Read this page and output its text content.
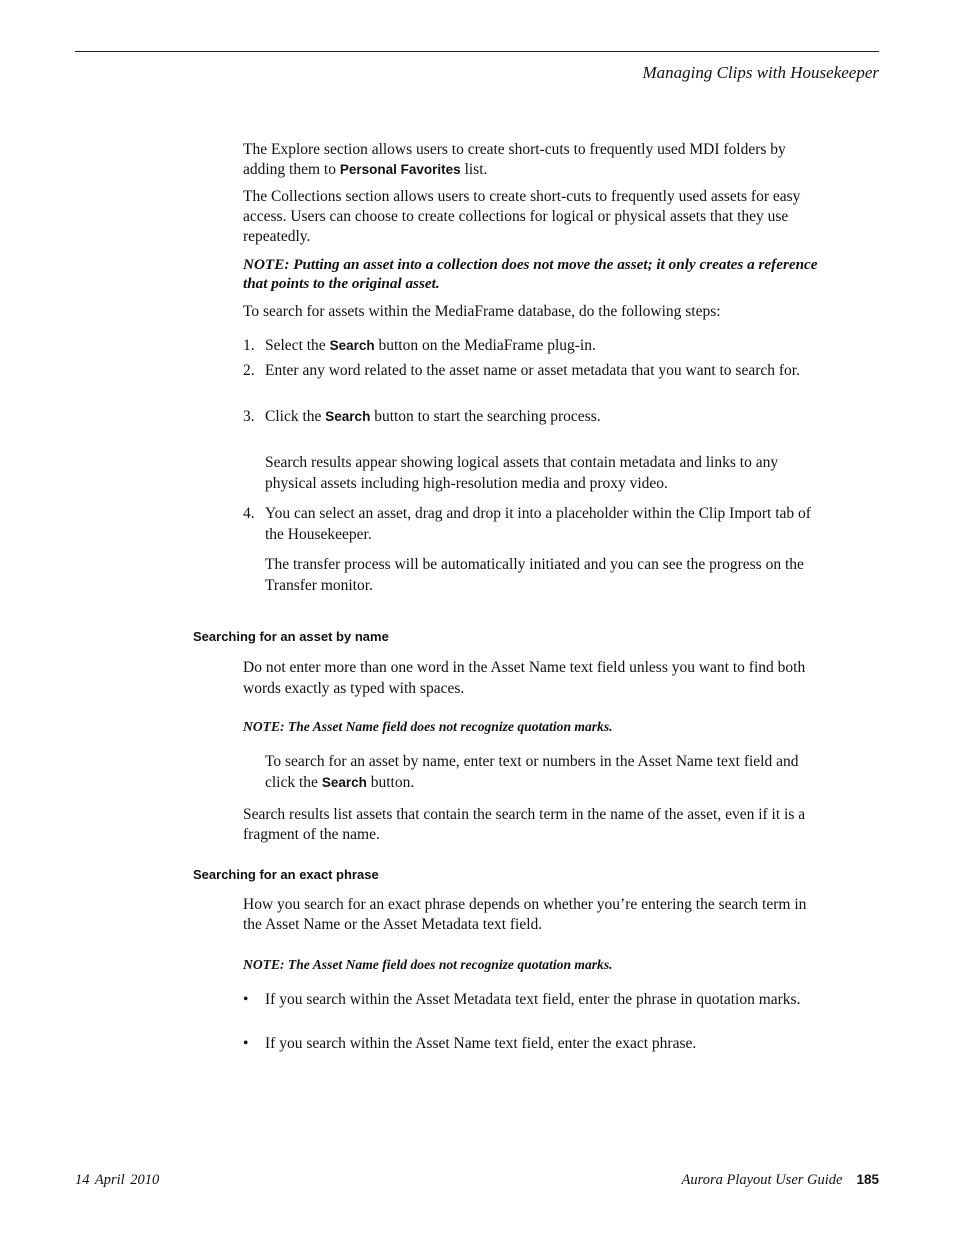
Managing Clips with Housekeeper

The Explore section allows users to create short-cuts to frequently used MDI folders by adding them to Personal Favorites list.

The Collections section allows users to create short-cuts to frequently used assets for easy access. Users can choose to create collections for logical or physical assets that they use repeatedly.

NOTE: Putting an asset into a collection does not move the asset; it only creates a reference that points to the original asset.

To search for assets within the MediaFrame database, do the following steps:

1. Select the Search button on the MediaFrame plug-in.
2. Enter any word related to the asset name or asset metadata that you want to search for.
3. Click the Search button to start the searching process.

Search results appear showing logical assets that contain metadata and links to any physical assets including high-resolution media and proxy video.

4. You can select an asset, drag and drop it into a placeholder within the Clip Import tab of the Housekeeper.

The transfer process will be automatically initiated and you can see the progress on the Transfer monitor.

Searching for an asset by name

Do not enter more than one word in the Asset Name text field unless you want to find both words exactly as typed with spaces.

NOTE: The Asset Name field does not recognize quotation marks.

To search for an asset by name, enter text or numbers in the Asset Name text field and click the Search button.

Search results list assets that contain the search term in the name of the asset, even if it is a fragment of the name.

Searching for an exact phrase

How you search for an exact phrase depends on whether you’re entering the search term in the Asset Name or the Asset Metadata text field.

NOTE: The Asset Name field does not recognize quotation marks.

•	If you search within the Asset Metadata text field, enter the phrase in quotation marks.
•	If you search within the Asset Name text field, enter the exact phrase.

14 April 2010	Aurora Playout User Guide 185
